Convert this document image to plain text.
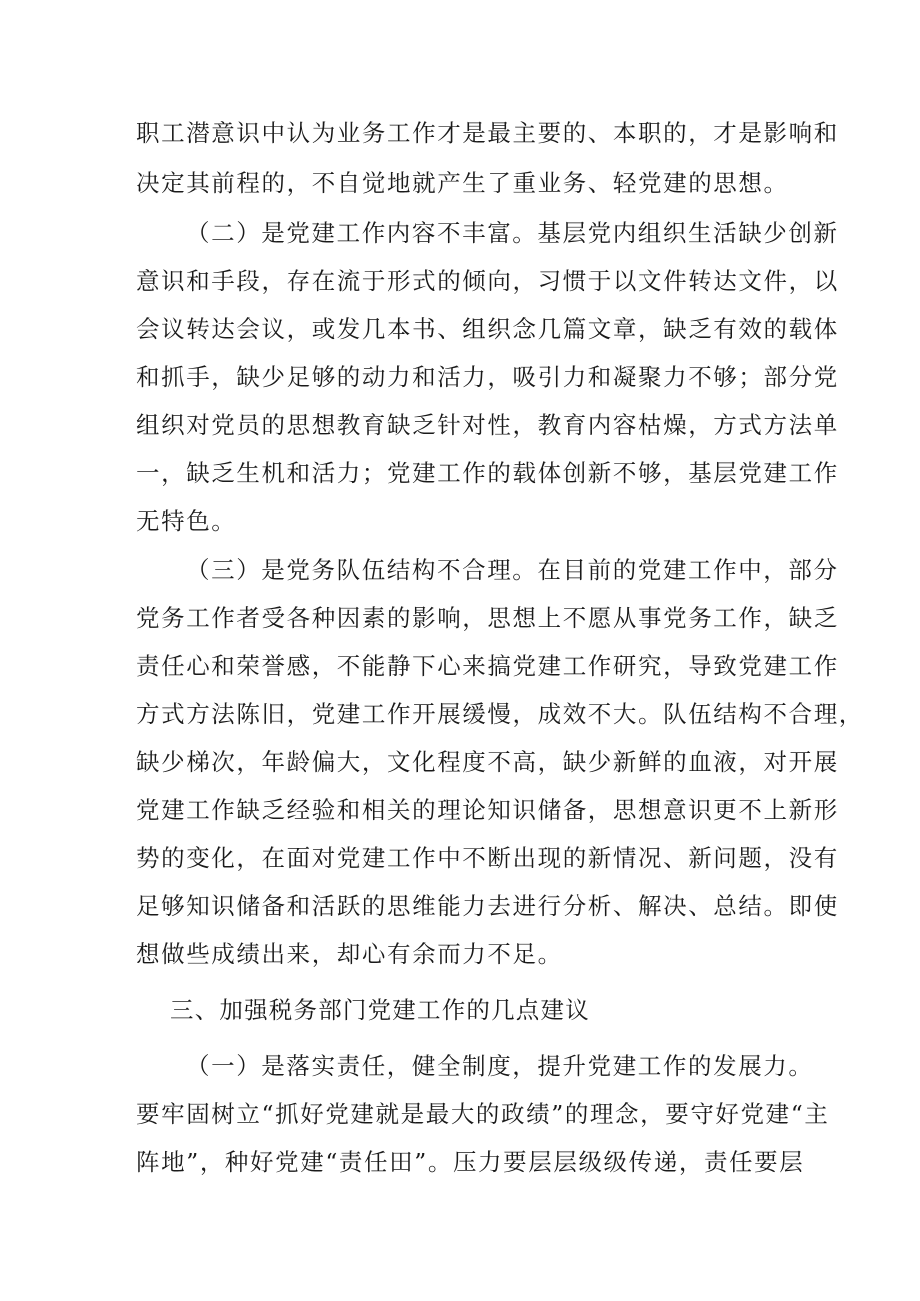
职工潜意识中认为业务工作才是最主要的、本职的，才是影响和
决定其前程的，不自觉地就产生了重业务、轻党建的思想。
（二）是党建工作内容不丰富。基层党内组织生活缺少创新
意识和手段，存在流于形式的倾向，习惯于以文件转达文件，以
会议转达会议，或发几本书、组织念几篇文章，缺乏有效的载体
和抓手，缺少足够的动力和活力，吸引力和凝聚力不够；部分党
组织对党员的思想教育缺乏针对性，教育内容枯燥，方式方法单
一，缺乏生机和活力；党建工作的载体创新不够，基层党建工作
无特色。
（三）是党务队伍结构不合理。在目前的党建工作中，部分
党务工作者受各种因素的影响，思想上不愿从事党务工作，缺乏
责任心和荣誉感，不能静下心来搞党建工作研究，导致党建工作
方式方法陈旧，党建工作开展缓慢，成效不大。队伍结构不合理，
缺少梯次，年龄偏大，文化程度不高，缺少新鲜的血液，对开展
党建工作缺乏经验和相关的理论知识储备，思想意识更不上新形
势的变化，在面对党建工作中不断出现的新情况、新问题，没有
足够知识储备和活跃的思维能力去进行分析、解决、总结。即使
想做些成绩出来，却心有余而力不足。
三、加强税务部门党建工作的几点建议
（一）是落实责任，健全制度，提升党建工作的发展力。
要牢固树立“抓好党建就是最大的政绩”的理念，要守好党建“主
阵地”，种好党建“责任田”。压力要层层级级传递，责任要层
